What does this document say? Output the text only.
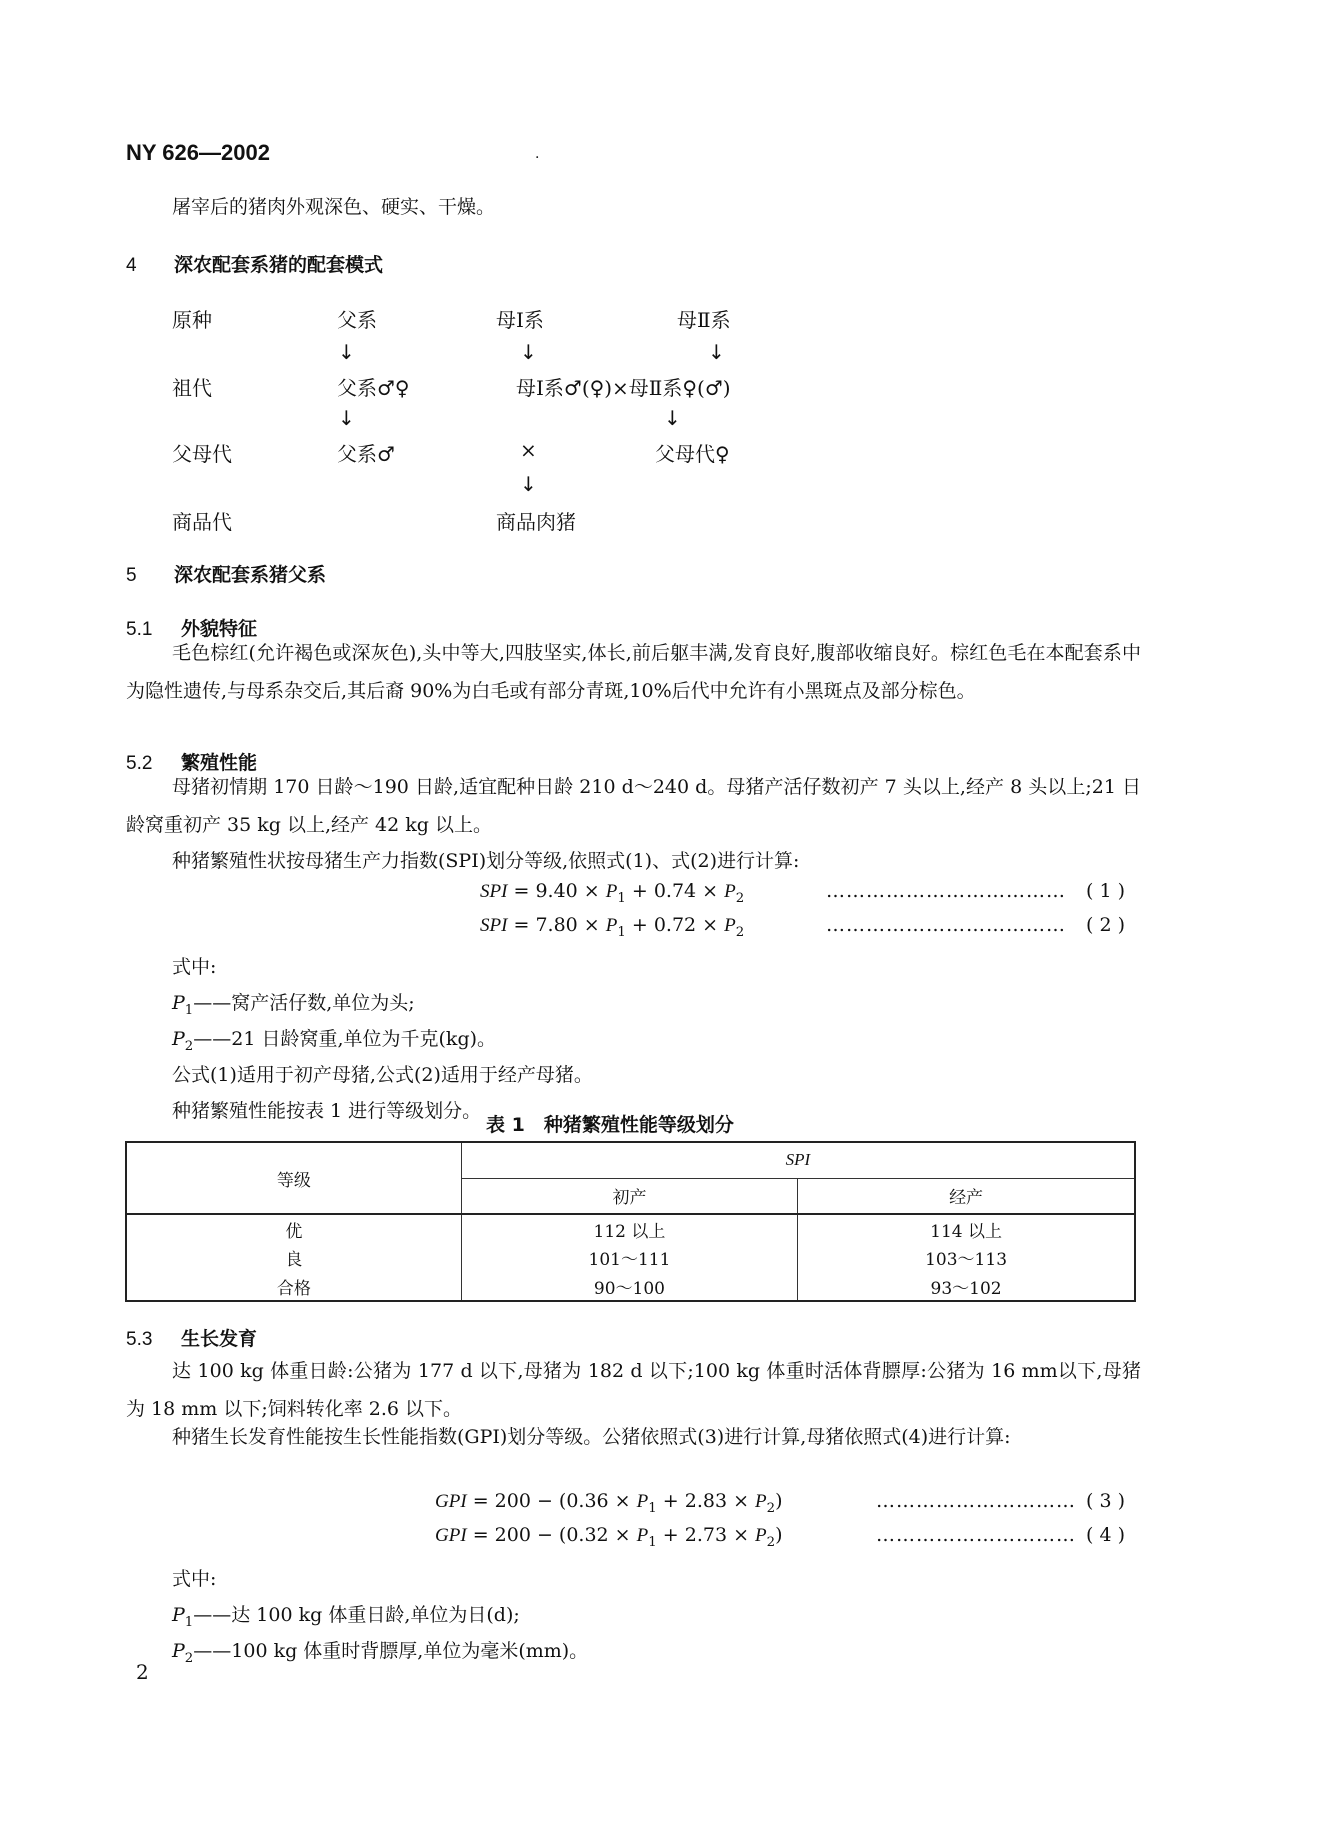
NY 626—2002	·
屠宰后的猪肉外观深色、硬实、干燥。
4 深农配套系猪的配套模式
原种	父系	母Ⅰ系	母Ⅱ系
↓	↓	↓
祖代	父系♂♀	母Ⅰ系♂(♀)×母Ⅱ系♀(♂)
↓	↓
父母代	父系♂	×	父母代♀
↓
商品代	商品肉猪
5 深农配套系猪父系
5.1 外貌特征
毛色棕红(允许褐色或深灰色),头中等大,四肢坚实,体长,前后躯丰满,发育良好,腹部收缩良好。棕红色毛在本配套系中为隐性遗传,与母系杂交后,其后裔 90%为白毛或有部分青斑,10%后代中允许有小黑斑点及部分棕色。
5.2 繁殖性能
母猪初情期 170 日龄～190 日龄,适宜配种日龄 210 d～240 d。母猪产活仔数初产 7 头以上,经产 8 头以上;21 日龄窝重初产 35 kg 以上,经产 42 kg 以上。
种猪繁殖性状按母猪生产力指数(SPI)划分等级,依照式(1)、式(2)进行计算:
SPI = $9.40 \times P_1 + 0.74 \times P_2$	……………………………… ( 1 )
SPI = $7.80 \times P_1 + 0.72 \times P_2$	……………………………… ( 2 )
式中:
$P_1——$窝产活仔数,单位为头;
$P_2——21$ 日龄窝重,单位为千克(kg)。
公式(1)适用于初产母猪,公式(2)适用于经产母猪。
种猪繁殖性能按表 1 进行等级划分。
表 1　种猪繁殖性能等级划分
等级	SPI	
	初产	经产
优	112 以上	114 以上
良	101～111	103～113
合格	90～100	93～102
5.3 生长发育
达 100 kg 体重日龄:公猪为 177 d 以下,母猪为 182 d 以下;100 kg 体重时活体背膘厚:公猪为 16 mm以下,母猪为 18 mm 以下;饲料转化率 2.6 以下。
种猪生长发育性能按生长性能指数(GPI)划分等级。公猪依照式(3)进行计算,母猪依照式(4)进行计算:
GPI = $200 - (0.36 \times P_1 + 2.83 \times P_2)$	………………………… ( 3 )
GPI = $200 - (0.32 \times P_1 + 2.73 \times P_2)$	………………………… ( 4 )
式中:
$P_1——$达 100 kg 体重日龄,单位为日(d);
$P_2——100$ kg 体重时背膘厚,单位为毫米(mm)。
2
